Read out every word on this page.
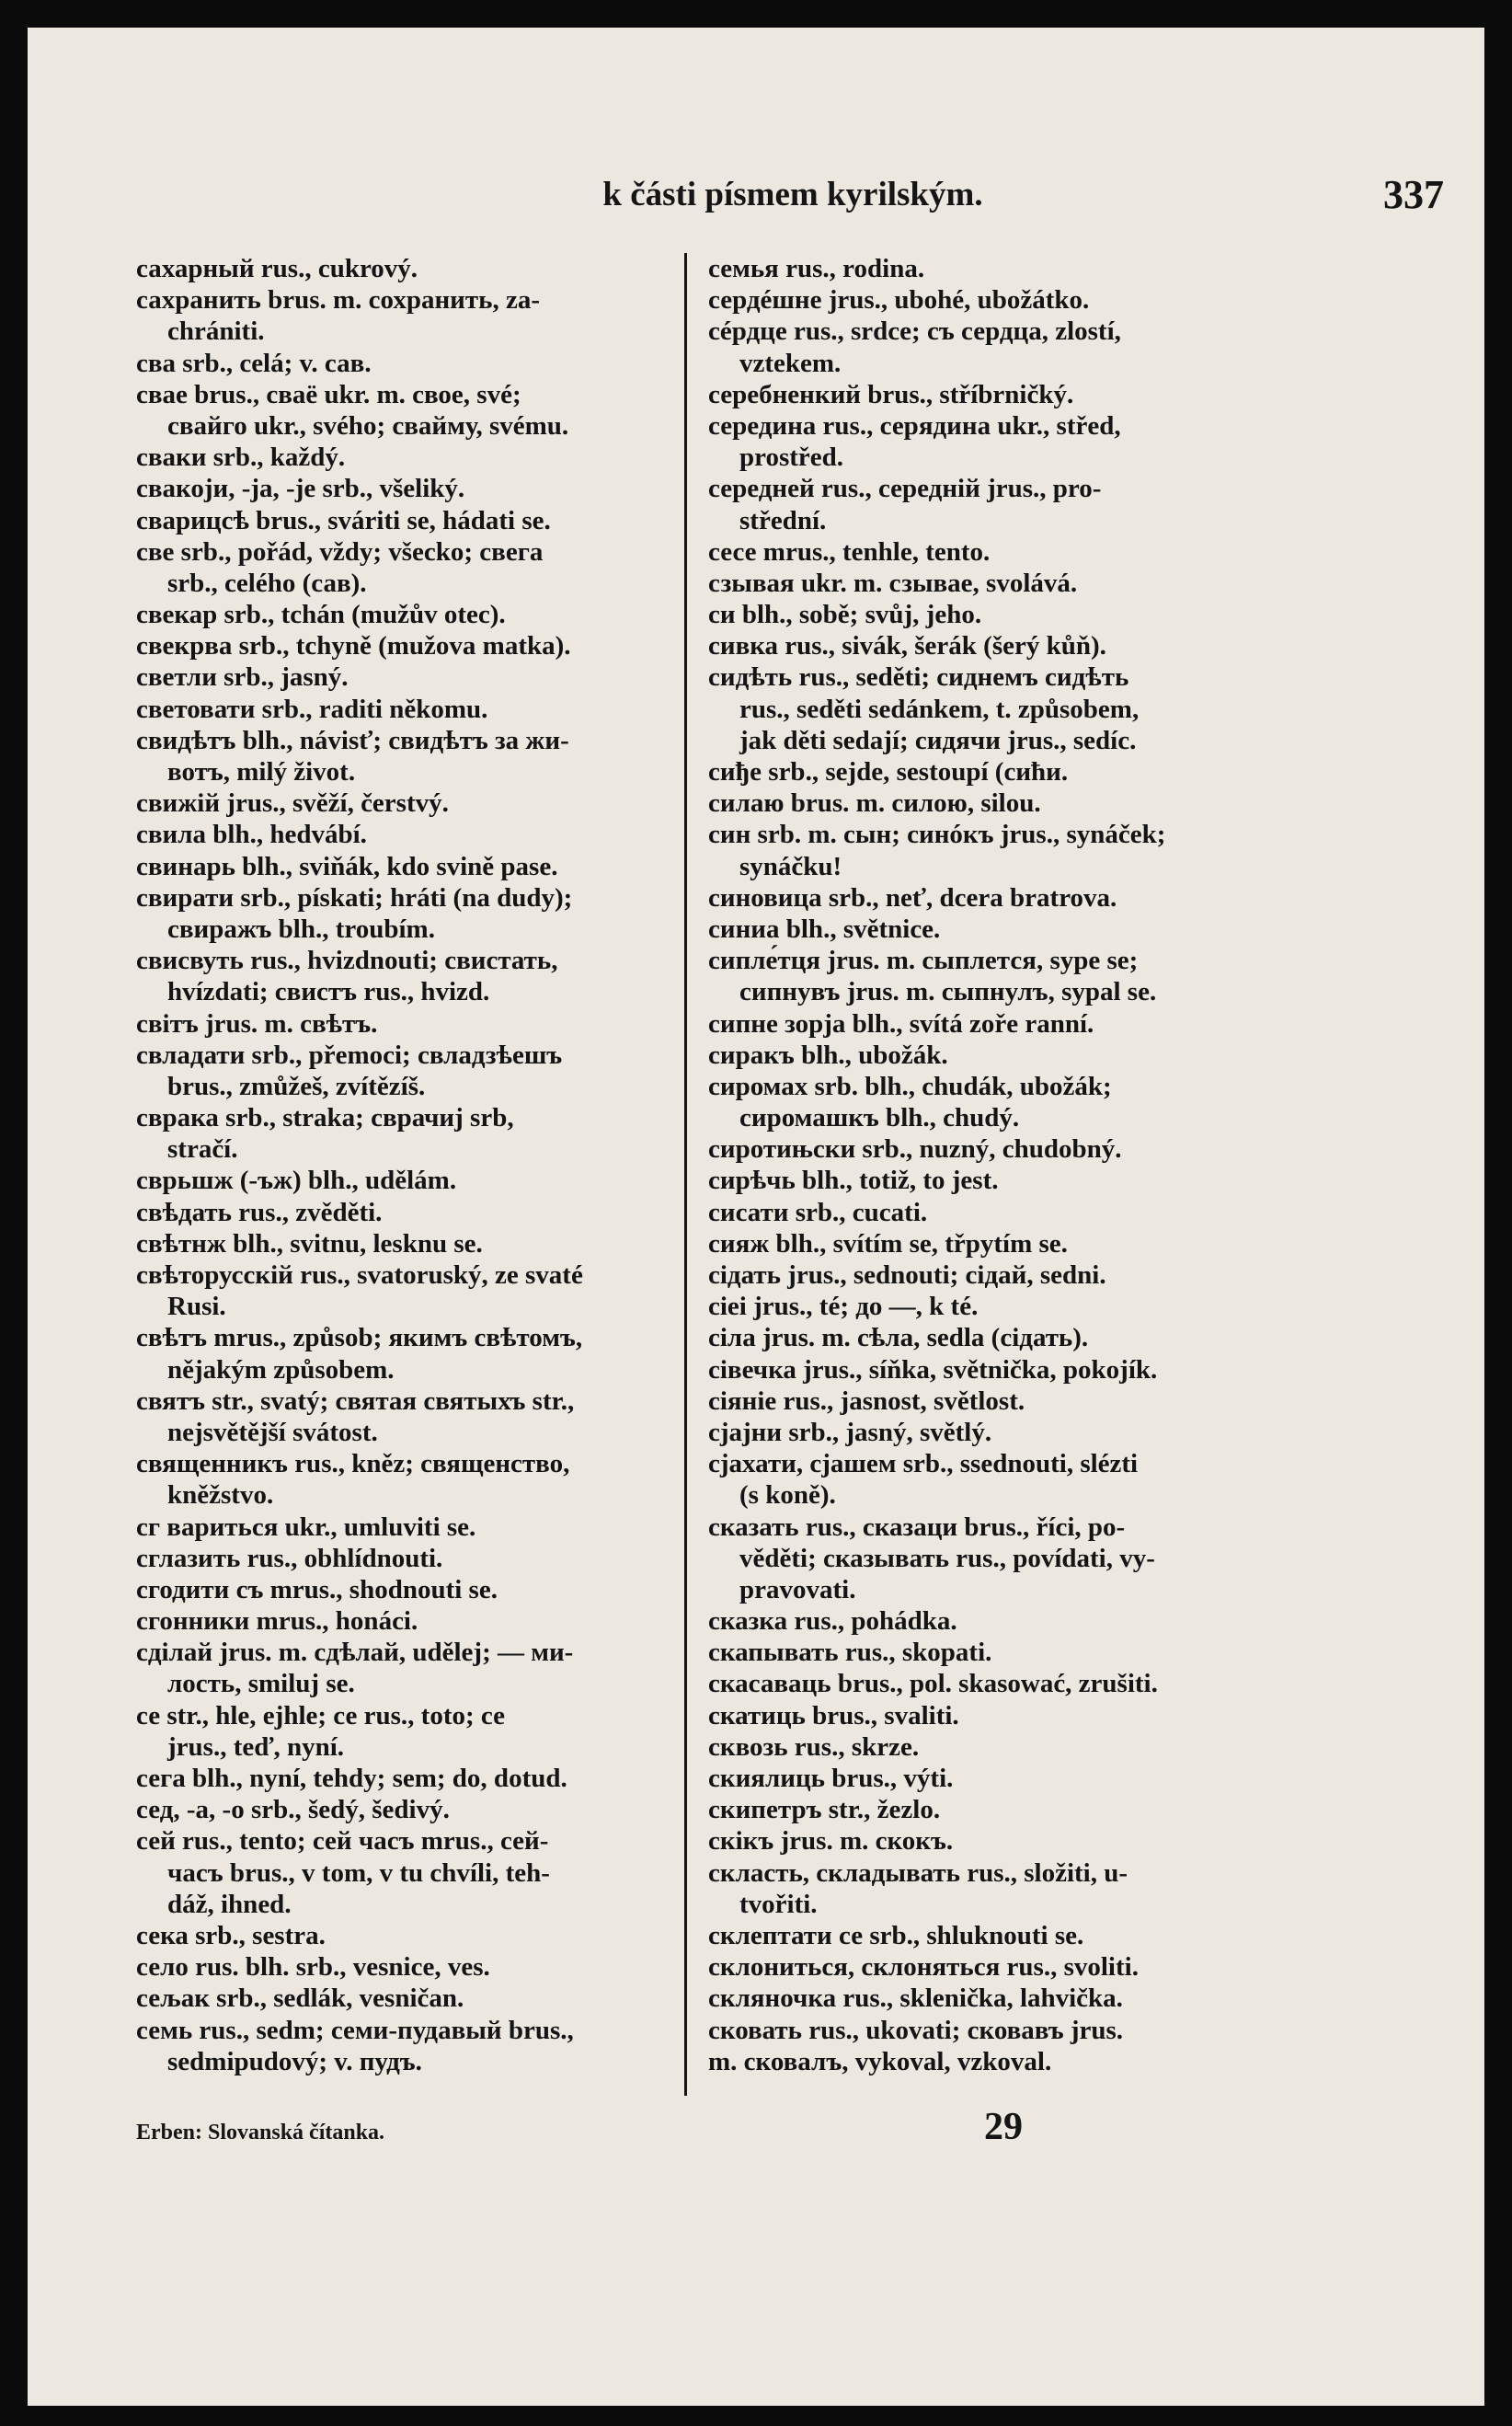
k části písmem kyrilským.	337
сахарный rus., cukrový.
сахранить brus. m. сохранить, za-
chrániti.
сва srb., celá; v. сав.
свае brus., сваё ukr. m. свое, své;
свайго ukr., svého; свайму, svému.
сваки srb., každý.
свакоји, -ја, -је srb., všeliký.
сварицсѣ brus., sváriti se, hádati se.
све srb., pořád, vždy; všecko; свега
srb., celého (сав).
свекар srb., tchán (mužův otec).
свекрва srb., tchyně (mužova matka).
светли srb., jasný.
световати srb., raditi někomu.
свидѣтъ blh., návisť; свидѣтъ за жи-
вотъ, milý život.
свижій jrus., svěží, čerstvý.
свила blh., hedvábí.
свинарь blh., sviňák, kdo svině pase.
свирати srb., pískati; hráti (na dudy);
свиражъ blh., troubím.
свисвуть rus., hvizdnouti; свистать,
hvízdati; свистъ rus., hvizd.
світъ jrus. m. свѣтъ.
свладати srb., přemoci; свладзѣешъ
brus., zmůžeš, zvítězíš.
сврака srb., straka; сврачиј srb,
stračí.
сврьшж (-ъж) blh., udělám.
свѣдать rus., zvěděti.
свѣтнж blh., svitnu, lesknu se.
свѣторусскій rus., svatoruský, ze svaté
Rusi.
свѣтъ mrus., způsob; якимъ свѣтомъ,
nějakým způsobem.
святъ str., svatý; святая святыхъ str.,
nejsvětější svátost.
священникъ rus., kněz; священство,
kněžstvo.
сг вариться ukr., umluviti se.
сглазить rus., obhlídnouti.
сгодити съ mrus., shodnouti se.
сгонники mrus., honáci.
сділай jrus. m. сдѣлай, udělej; — ми-
лость, smiluj se.
се str., hle, ejhle; се rus., toto; се
jrus., teď, nyní.
сега blh., nyní, tehdy; sem; do, dotud.
сед, -а, -о srb., šedý, šedivý.
сей rus., tento; сей часъ mrus., сей-
часъ brus., v tom, v tu chvíli, teh-
dáž, ihned.
сека srb., sestra.
село rus. blh. srb., vesnice, ves.
сељак srb., sedlák, vesničan.
семь rus., sedm; семи-пудавый brus.,
sedmipudový; v. пудъ.
семья rus., rodina.
сердéшне jrus., ubohé, ubožátko.
сéрдце rus., srdce; съ сердца, zlostí,
vztekem.
серебненкий brus., stříbrničký.
середина rus., серядина ukr., střed,
prostřed.
середней rus., середній jrus., pro-
střední.
сесе mrus., tenhle, tento.
сзывая ukr. m. сзывае, svolává.
си blh., sobě; svůj, jeho.
сивка rus., sivák, šerák (šerý kůň).
сидѣть rus., seděti; сиднемъ сидѣть
rus., seděti sedánkem, t. způsobem,
jak děti sedají; сидячи jrus., sedíc.
сиђе srb., sejde, sestoupí (сићи.
силаю brus. m. силою, silou.
син srb. m. сын; синóкъ jrus., synáček;
synáčku!
синовица srb., neť, dcera bratrova.
синиа blh., světnice.
сипле́тця jrus. m. сыплется, sype se;
сипнувъ jrus. m. сыпнулъ, sypal se.
сипне зорја blh., svítá zoře ranní.
сиракъ blh., ubožák.
сиромах srb. blh., chudák, ubožák;
сиромашкъ blh., chudý.
сиротињски srb., nuzný, chudobný.
сирѣчь blh., totiž, to jest.
сисати srb., cucati.
сияж blh., svítím se, třpytím se.
сідать jrus., sednouti; сідай, sedni.
сіеі jrus., té; до —, k té.
сіла jrus. m. сѣла, sedla (сідать).
сівечка jrus., síňka, světnička, pokojík.
сіяніе rus., jasnost, světlost.
сјајни srb., jasný, světlý.
сјахати, сјашем srb., ssednouti, slézti
(s koně).
сказать rus., сказаци brus., říci, po-
věděti; сказывать rus., povídati, vy-
pravovati.
сказка rus., pohádka.
скапывать rus., skopati.
скасаваць brus., pol. skasować, zrušiti.
скатиць brus., svaliti.
сквозь rus., skrze.
скиялиць brus., výti.
скипетръ str., žezlo.
скікъ jrus. m. скокъ.
скласть, складывать rus., složiti, u-
tvořiti.
склептати се srb., shluknouti se.
склониться, склоняться rus., svoliti.
скляночка rus., sklenička, lahvička.
сковать rus., ukovati; сковавъ jrus.
m. сковалъ, vykoval, vzkoval.
Erben: Slovanská čítanka.	29
